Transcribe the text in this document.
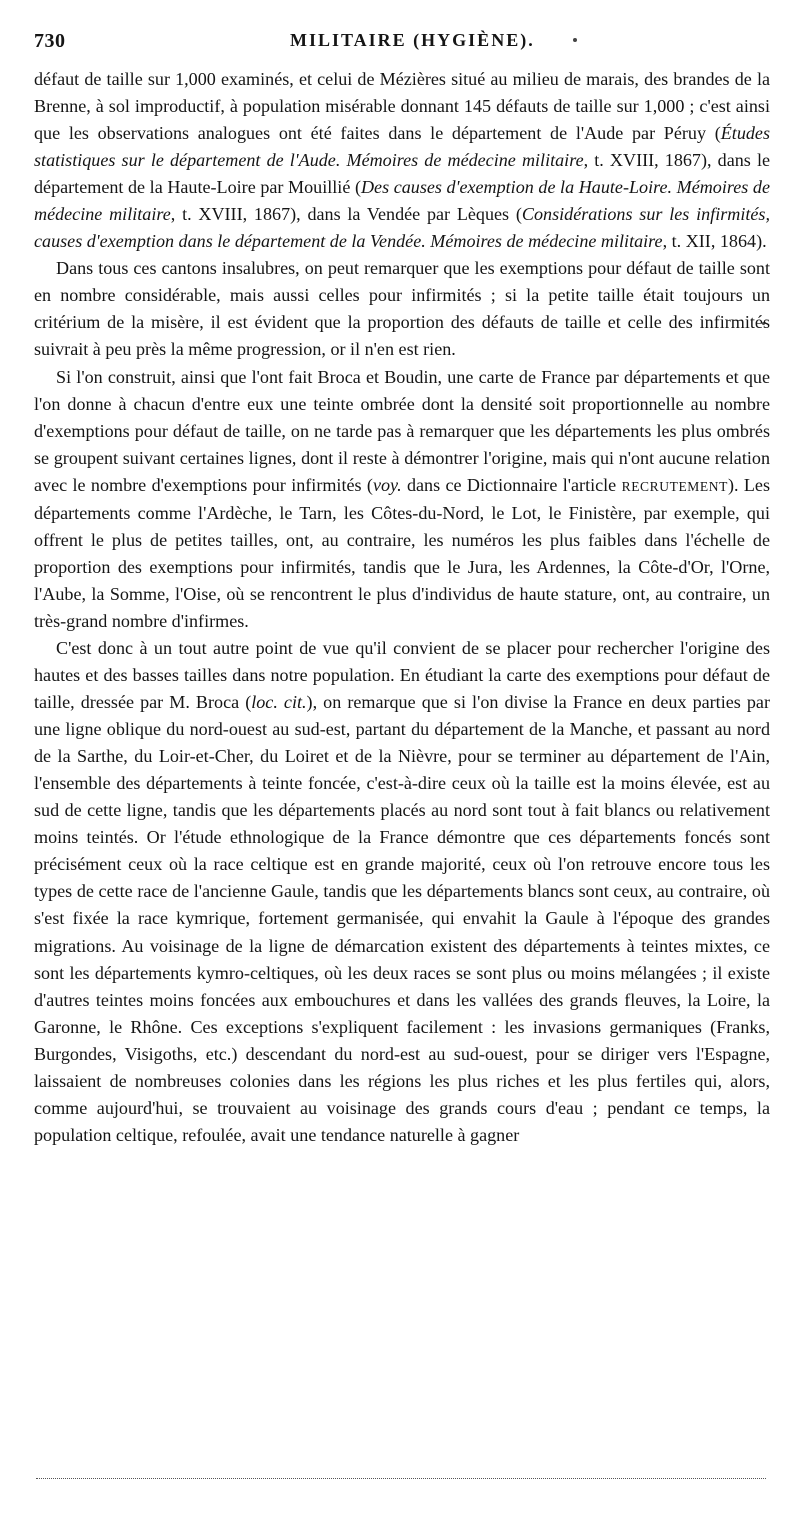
730	MILITAIRE (HYGIÈNE).

défaut de taille sur 1,000 examinés, et celui de Mézières situé au milieu de marais, des brandes de la Brenne, à sol improductif, à population misérable donnant 145 défauts de taille sur 1,000 ; c'est ainsi que les observations analogues ont été faites dans le département de l'Aude par Péruy (Études statistiques sur le département de l'Aude. Mémoires de médecine militaire, t. XVIII, 1867), dans le département de la Haute-Loire par Mouillié (Des causes d'exemption de la Haute-Loire. Mémoires de médecine militaire, t. XVIII, 1867), dans la Vendée par Lèques (Considérations sur les infirmités, causes d'exemption dans le département de la Vendée. Mémoires de médecine militaire, t. XII, 1864).

Dans tous ces cantons insalubres, on peut remarquer que les exemptions pour défaut de taille sont en nombre considérable, mais aussi celles pour infirmités ; si la petite taille était toujours un critérium de la misère, il est évident que la proportion des défauts de taille et celle des infirmités suivrait à peu près la même progression, or il n'en est rien.

Si l'on construit, ainsi que l'ont fait Broca et Boudin, une carte de France par départements et que l'on donne à chacun d'entre eux une teinte ombrée dont la densité soit proportionnelle au nombre d'exemptions pour défaut de taille, on ne tarde pas à remarquer que les départements les plus ombrés se groupent suivant certaines lignes, dont il reste à démontrer l'origine, mais qui n'ont aucune relation avec le nombre d'exemptions pour infirmités (voy. dans ce Dictionnaire l'article RECRUTEMENT). Les départements comme l'Ardèche, le Tarn, les Côtes-du-Nord, le Lot, le Finistère, par exemple, qui offrent le plus de petites tailles, ont, au contraire, les numéros les plus faibles dans l'échelle de proportion des exemptions pour infirmités, tandis que le Jura, les Ardennes, la Côte-d'Or, l'Orne, l'Aube, la Somme, l'Oise, où se rencontrent le plus d'individus de haute stature, ont, au contraire, un très-grand nombre d'infirmes.

C'est donc à un tout autre point de vue qu'il convient de se placer pour rechercher l'origine des hautes et des basses tailles dans notre population. En étudiant la carte des exemptions pour défaut de taille, dressée par M. Broca (loc. cit.), on remarque que si l'on divise la France en deux parties par une ligne oblique du nord-ouest au sud-est, partant du département de la Manche, et passant au nord de la Sarthe, du Loir-et-Cher, du Loiret et de la Nièvre, pour se terminer au département de l'Ain, l'ensemble des départements à teinte foncée, c'est-à-dire ceux où la taille est la moins élevée, est au sud de cette ligne, tandis que les départements placés au nord sont tout à fait blancs ou relativement moins teintés. Or l'étude ethnologique de la France démontre que ces départements foncés sont précisément ceux où la race celtique est en grande majorité, ceux où l'on retrouve encore tous les types de cette race de l'ancienne Gaule, tandis que les départements blancs sont ceux, au contraire, où s'est fixée la race kymrique, fortement germanisée, qui envahit la Gaule à l'époque des grandes migrations. Au voisinage de la ligne de démarcation existent des départements à teintes mixtes, ce sont les départements kymro-celtiques, où les deux races se sont plus ou moins mélangées ; il existe d'autres teintes moins foncées aux embouchures et dans les vallées des grands fleuves, la Loire, la Garonne, le Rhône. Ces exceptions s'expliquent facilement : les invasions germaniques (Franks, Burgondes, Visigoths, etc.) descendant du nord-est au sud-ouest, pour se diriger vers l'Espagne, laissaient de nombreuses colonies dans les régions les plus riches et les plus fertiles qui, alors, comme aujourd'hui, se trouvaient au voisinage des grands cours d'eau ; pendant ce temps, la population celtique, refoulée, avait une tendance naturelle à gagner
